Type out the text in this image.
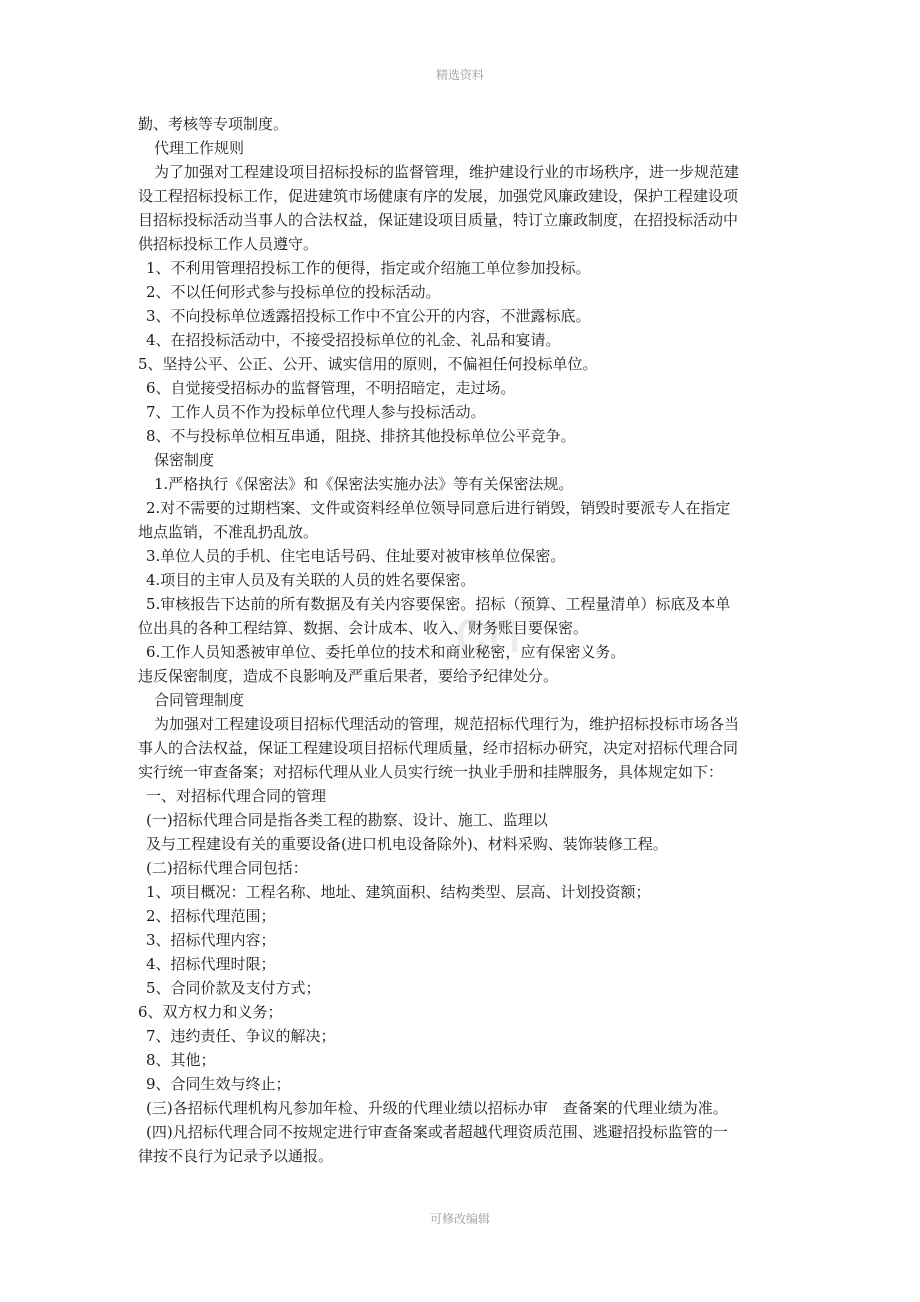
精选资料
cn
勤、考核等专项制度。
代理工作规则
为了加强对工程建设项目招标投标的监督管理，维护建设行业的市场秩序，进一步规范建
设工程招标投标工作，促进建筑市场健康有序的发展，加强党风廉政建设，保护工程建设项
目招标投标活动当事人的合法权益，保证建设项目质量，特订立廉政制度，在招投标活动中
供招标投标工作人员遵守。
1、不利用管理招投标工作的便得，指定或介绍施工单位参加投标。
2、不以任何形式参与投标单位的投标活动。
3、不向投标单位透露招投标工作中不宜公开的内容，不泄露标底。
4、在招投标活动中，不接受招投标单位的礼金、礼品和宴请。
5、坚持公平、公正、公开、诚实信用的原则，不偏袒任何投标单位。
6、自觉接受招标办的监督管理，不明招暗定，走过场。
7、工作人员不作为投标单位代理人参与投标活动。
8、不与投标单位相互串通，阻挠、排挤其他投标单位公平竞争。
保密制度
1.严格执行《保密法》和《保密法实施办法》等有关保密法规。
2.对不需要的过期档案、文件或资料经单位领导同意后进行销毁，销毁时要派专人在指定
地点监销，不准乱扔乱放。
3.单位人员的手机、住宅电话号码、住址要对被审核单位保密。
4.项目的主审人员及有关联的人员的姓名要保密。
5.审核报告下达前的所有数据及有关内容要保密。招标（预算、工程量清单）标底及本单
位出具的各种工程结算、数据、会计成本、收入、财务账目要保密。
6.工作人员知悉被审单位、委托单位的技术和商业秘密，应有保密义务。
违反保密制度，造成不良影响及严重后果者，要给予纪律处分。
合同管理制度
为加强对工程建设项目招标代理活动的管理，规范招标代理行为，维护招标投标市场各当
事人的合法权益，保证工程建设项目招标代理质量，经市招标办研究，决定对招标代理合同
实行统一审查备案；对招标代理从业人员实行统一执业手册和挂牌服务，具体规定如下：
一、对招标代理合同的管理
(一)招标代理合同是指各类工程的勘察、设计、施工、监理以
及与工程建设有关的重要设备(进口机电设备除外)、材料采购、装饰装修工程。
(二)招标代理合同包括：
1、项目概况：工程名称、地址、建筑面积、结构类型、层高、计划投资额；
2、招标代理范围；
3、招标代理内容；
4、招标代理时限；
5、合同价款及支付方式；
6、双方权力和义务；
7、违约责任、争议的解决；
8、其他；
9、合同生效与终止；
(三)各招标代理机构凡参加年检、升级的代理业绩以招标办审　查备案的代理业绩为准。
(四)凡招标代理合同不按规定进行审查备案或者超越代理资质范围、逃避招投标监管的一
律按不良行为记录予以通报。
可修改编辑
